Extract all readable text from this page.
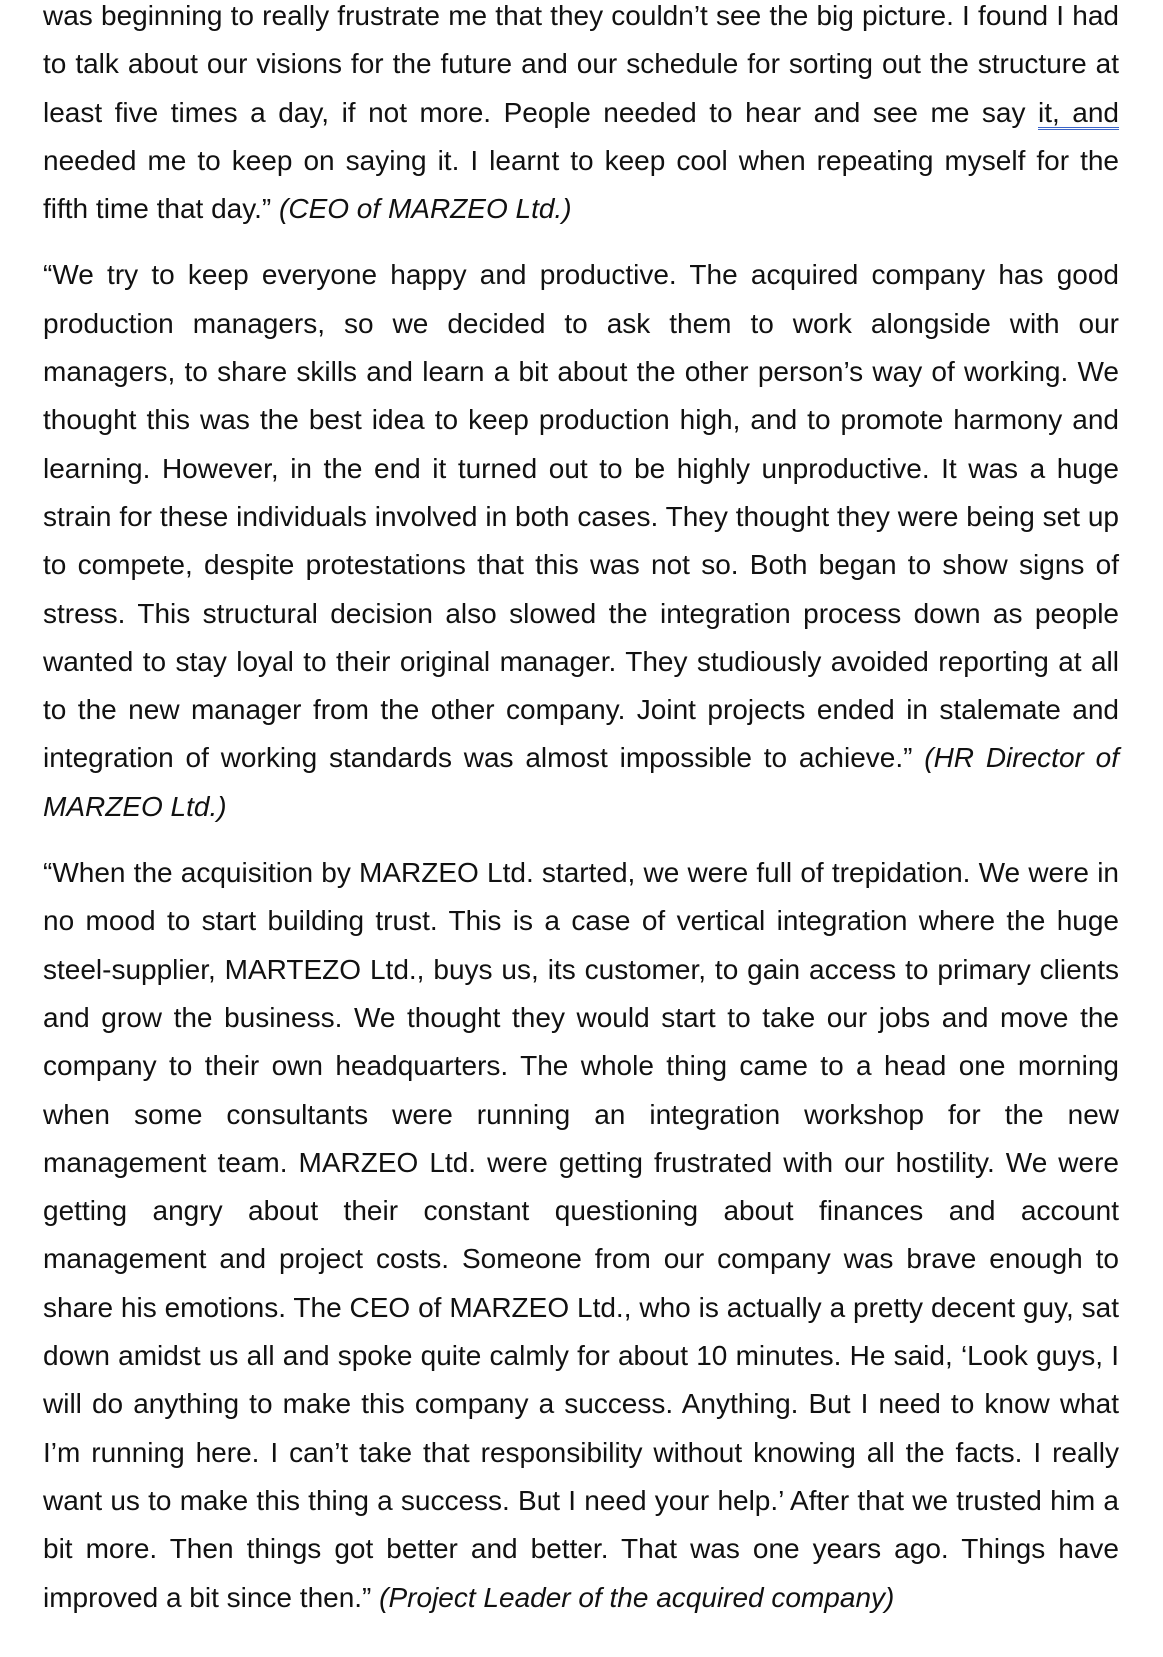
was beginning to really frustrate me that they couldn’t see the big picture. I found I had to talk about our visions for the future and our schedule for sorting out the structure at least five times a day, if not more. People needed to hear and see me say it, and needed me to keep on saying it. I learnt to keep cool when repeating myself for the fifth time that day.” (CEO of MARZEO Ltd.)

“We try to keep everyone happy and productive. The acquired company has good production managers, so we decided to ask them to work alongside with our managers, to share skills and learn a bit about the other person’s way of working. We thought this was the best idea to keep production high, and to promote harmony and learning. However, in the end it turned out to be highly unproductive. It was a huge strain for these individuals involved in both cases. They thought they were being set up to compete, despite protestations that this was not so. Both began to show signs of stress. This structural decision also slowed the integration process down as people wanted to stay loyal to their original manager. They studiously avoided reporting at all to the new manager from the other company. Joint projects ended in stalemate and integration of working standards was almost impossible to achieve.” (HR Director of MARZEO Ltd.)

“When the acquisition by MARZEO Ltd. started, we were full of trepidation. We were in no mood to start building trust. This is a case of vertical integration where the huge steel-supplier, MARTEZO Ltd., buys us, its customer, to gain access to primary clients and grow the business. We thought they would start to take our jobs and move the company to their own headquarters. The whole thing came to a head one morning when some consultants were running an integration workshop for the new management team. MARZEO Ltd. were getting frustrated with our hostility. We were getting angry about their constant questioning about finances and account management and project costs. Someone from our company was brave enough to share his emotions. The CEO of MARZEO Ltd., who is actually a pretty decent guy, sat down amidst us all and spoke quite calmly for about 10 minutes. He said, ‘Look guys, I will do anything to make this company a success. Anything. But I need to know what I’m running here. I can’t take that responsibility without knowing all the facts. I really want us to make this thing a success. But I need your help.’ After that we trusted him a bit more. Then things got better and better. That was one years ago. Things have improved a bit since then.” (Project Leader of the acquired company)
